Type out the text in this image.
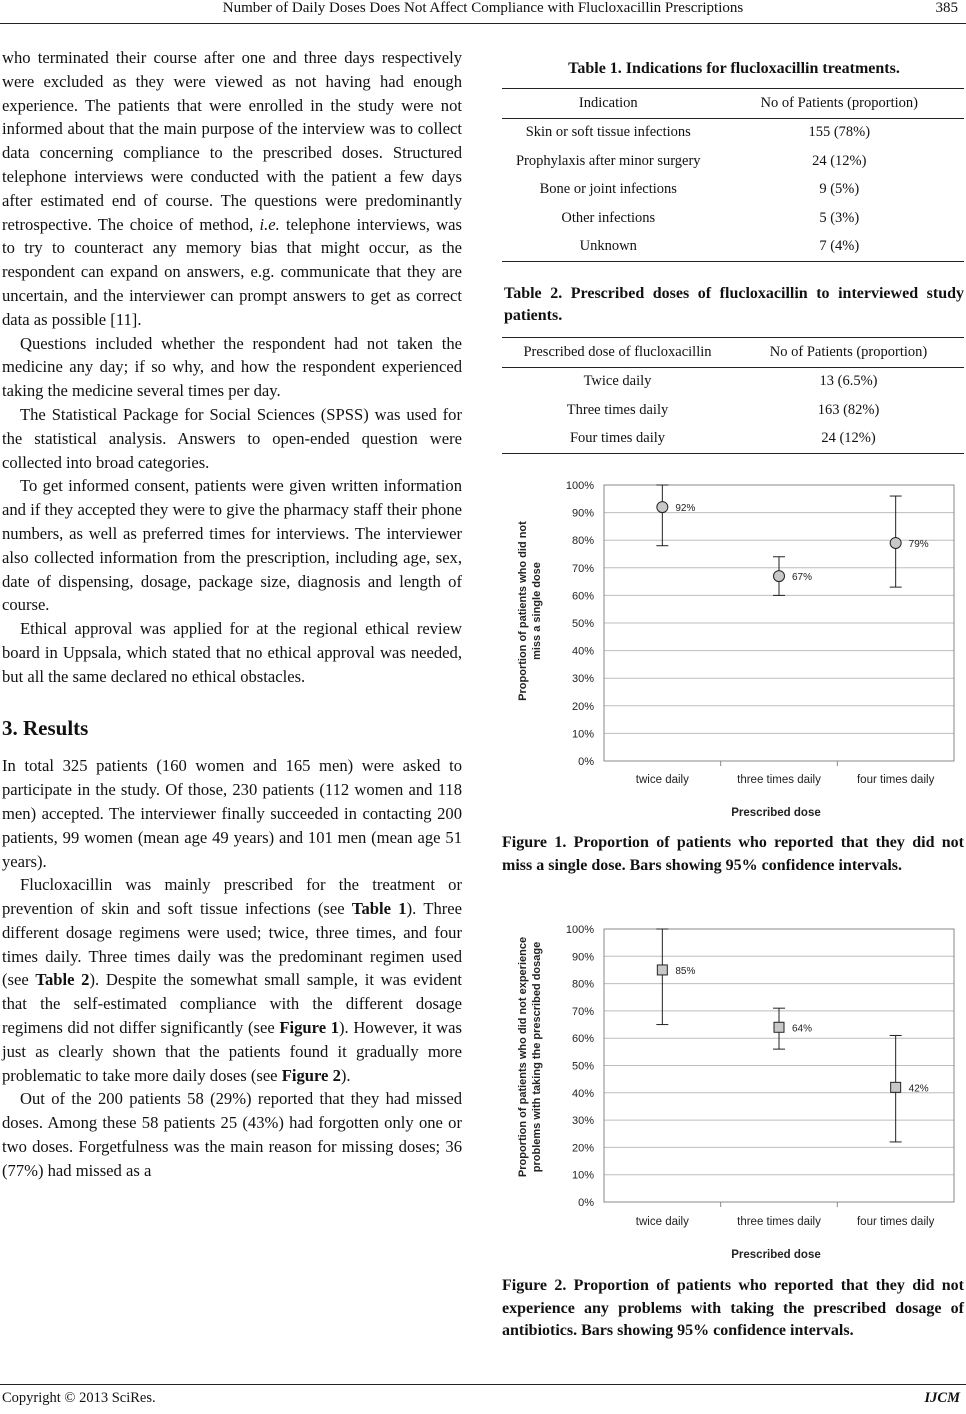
Number of Daily Doses Does Not Affect Compliance with Flucloxacillin Prescriptions	385

who terminated their course after one and three days respectively were excluded as they were viewed as not having had enough experience. The patients that were enrolled in the study were not informed about that the main purpose of the interview was to collect data concerning compliance to the prescribed doses. Structured telephone interviews were conducted with the patient a few days after estimated end of course. The questions were predominantly retrospective. The choice of method, i.e. telephone interviews, was to try to counteract any memory bias that might occur, as the respondent can expand on answers, e.g. communicate that they are uncertain, and the interviewer can prompt answers to get as correct data as possible [11].

Questions included whether the respondent had not taken the medicine any day; if so why, and how the respondent experienced taking the medicine several times per day.

The Statistical Package for Social Sciences (SPSS) was used for the statistical analysis. Answers to open-ended question were collected into broad categories.

To get informed consent, patients were given written information and if they accepted they were to give the pharmacy staff their phone numbers, as well as preferred times for interviews. The interviewer also collected information from the prescription, including age, sex, date of dispensing, dosage, package size, diagnosis and length of course.

Ethical approval was applied for at the regional ethical review board in Uppsala, which stated that no ethical approval was needed, but all the same declared no ethical obstacles.

3. Results

In total 325 patients (160 women and 165 men) were asked to participate in the study. Of those, 230 patients (112 women and 118 men) accepted. The interviewer finally succeeded in contacting 200 patients, 99 women (mean age 49 years) and 101 men (mean age 51 years).

Flucloxacillin was mainly prescribed for the treatment or prevention of skin and soft tissue infections (see Table 1). Three different dosage regimens were used; twice, three times, and four times daily. Three times daily was the predominant regimen used (see Table 2). Despite the somewhat small sample, it was evident that the self-estimated compliance with the different dosage regimens did not differ significantly (see Figure 1). However, it was just as clearly shown that the patients found it gradually more problematic to take more daily doses (see Figure 2).

Out of the 200 patients 58 (29%) reported that they had missed doses. Among these 58 patients 25 (43%) had forgotten only one or two doses. Forgetfulness was the main reason for missing doses; 36 (77%) had missed as a

Table 1. Indications for flucloxacillin treatments.
Indication	No of Patients (proportion)
Skin or soft tissue infections	155 (78%)
Prophylaxis after minor surgery	24 (12%)
Bone or joint infections	9 (5%)
Other infections	5 (3%)
Unknown	7 (4%)
Table 2. Prescribed doses of flucloxacillin to interviewed study patients.
Prescribed dose of flucloxacillin	No of Patients (proportion)
Twice daily	13 (6.5%)
Three times daily	163 (82%)
Four times daily	24 (12%)
Proportion of patients who did not miss a single dose
0%
10%
20%
30%
40%
50%
60%
70%
80%
90%
100%
twice daily	three times daily	four times daily
92%
67%
79%
Prescribed dose
Figure 1. Proportion of patients who reported that they did not miss a single dose. Bars showing 95% confidence intervals.
Proportion of patients who did not experience problems with taking the prescribed dosage
0%
10%
20%
30%
40%
50%
60%
70%
80%
90%
100%
twice daily	three times daily	four times daily
85%
64%
42%
Prescribed dose
Figure 2. Proportion of patients who reported that they did not experience any problems with taking the prescribed dosage of antibiotics. Bars showing 95% confidence intervals.
Copyright © 2013 SciRes.	IJCM
